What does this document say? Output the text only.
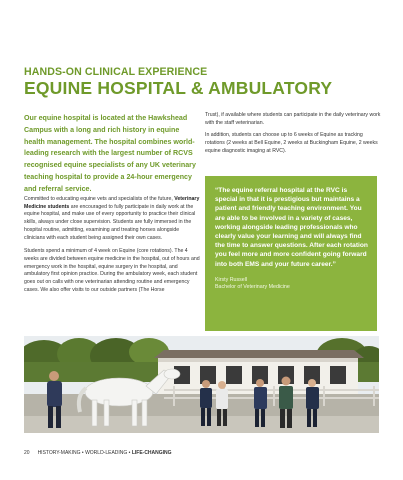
HANDS-ON CLINICAL EXPERIENCE
EQUINE HOSPITAL & AMBULATORY
Our equine hospital is located at the Hawkshead Campus with a long and rich history in equine health management. The hospital combines world-leading research with the largest number of RCVS recognised equine specialists of any UK veterinary teaching hospital to provide a 24-hour emergency and referral service.

Committed to educating equine vets and specialists of the future, Veterinary Medicine students are encouraged to fully participate in daily work at the equine hospital, and make use of every opportunity to practice their clinical skills, always under close supervision. Students are fully immersed in the hospital routine, admitting, examining and treating horses alongside clinicians with each student being assigned their own cases.

Students spend a minimum of 4 week on Equine (core rotations). The 4 weeks are divided between equine medicine in the hospital, out of hours and emergency work in the hospital, equine surgery in the hospital, and ambulatory first opinion practice. During the ambulatory week, each student goes out on calls with one veterinarian attending routine and emergency cases. We also offer visits to our outside partners (The Horse

Trust), if available where students can participate in the daily veterinary work with the staff veterinarian.

In addition, students can choose up to 6 weeks of Equine as tracking rotations (2 weeks at Bell Equine, 2 weeks at Buckingham Equine, 2 weeks equine diagnostic imaging at RVC).

“The equine referral hospital at the RVC is special in that it is prestigious but maintains a patient and friendly teaching environment. You are able to be involved in a variety of cases, working alongside leading professionals who clearly value your learning and will always find the time to answer questions. After each rotation you feel more and more confident going forward into both EMS and your future career.”
Kirsty Russell
Bachelor of Veterinary Medicine
20 HISTORY-MAKING • WORLD-LEADING • LIFE-CHANGING
